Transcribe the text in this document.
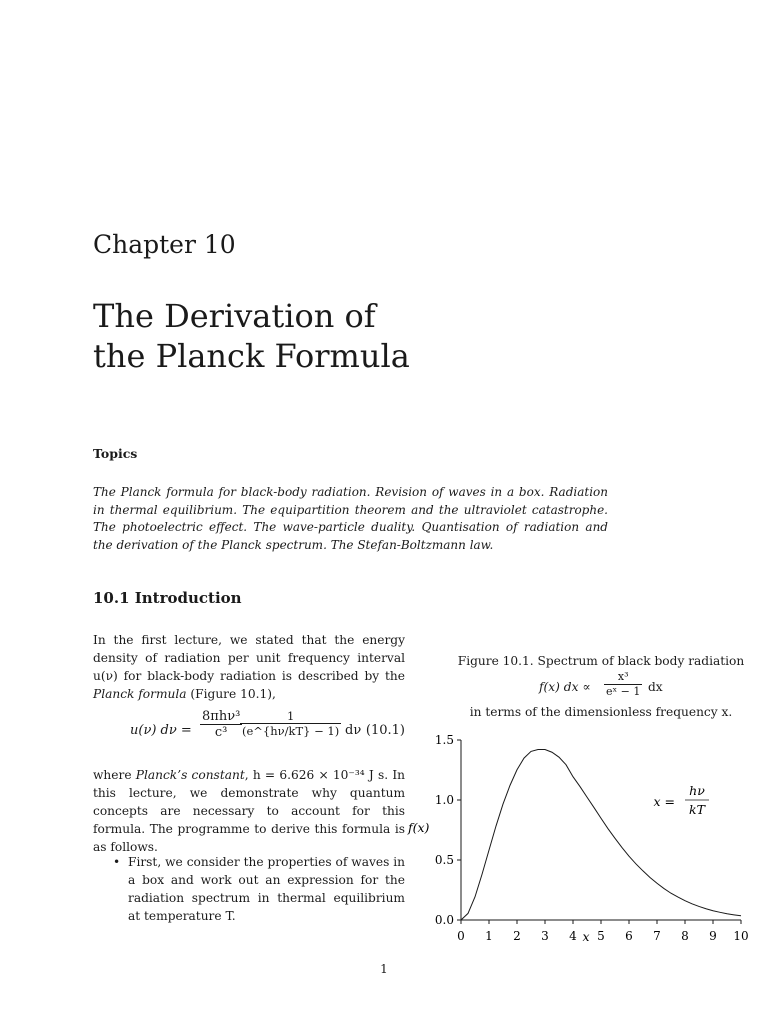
Chapter 10
The Derivation of
the Planck Formula
Topics
The Planck formula for black-body radiation. Revision of waves in a box. Radiation in thermal equilibrium. The equipartition theorem and the ultraviolet catastrophe. The photoelectric effect. The wave-particle duality. Quantisation of radiation and the derivation of the Planck spectrum. The Stefan-Boltzmann law.
10.1 Introduction
In the first lecture, we stated that the energy density of radiation per unit frequency interval u(ν) for black-body radiation is described by the Planck formula (Figure 10.1),
u(ν) dν =
8πhν³
c³	$\frac{1}{(e\^{}\{h\nu/kT\} - 1)}$ dν (10.1)
where Planck’s constant, h = 6.626 × 10⁻³⁴ J s. In this lecture, we demonstrate why quantum concepts are necessary to account for this formula. The programme to derive this formula is as follows.
• First, we consider the properties of waves in a box and work out an expression for the radiation spectrum in thermal equilibrium at temperature T.
Figure 10.1. Spectrum of black body radiation
f(x) dx ∝ $\frac{\text{x³}}{\text{eˣ − 1}}$ dx
in terms of the dimensionless frequency x.
0.0
0.5
1.0
1.5
0 1 2 3 4 5 6 7 8 9 10
f(x)
x
x =
hν
kT
1
